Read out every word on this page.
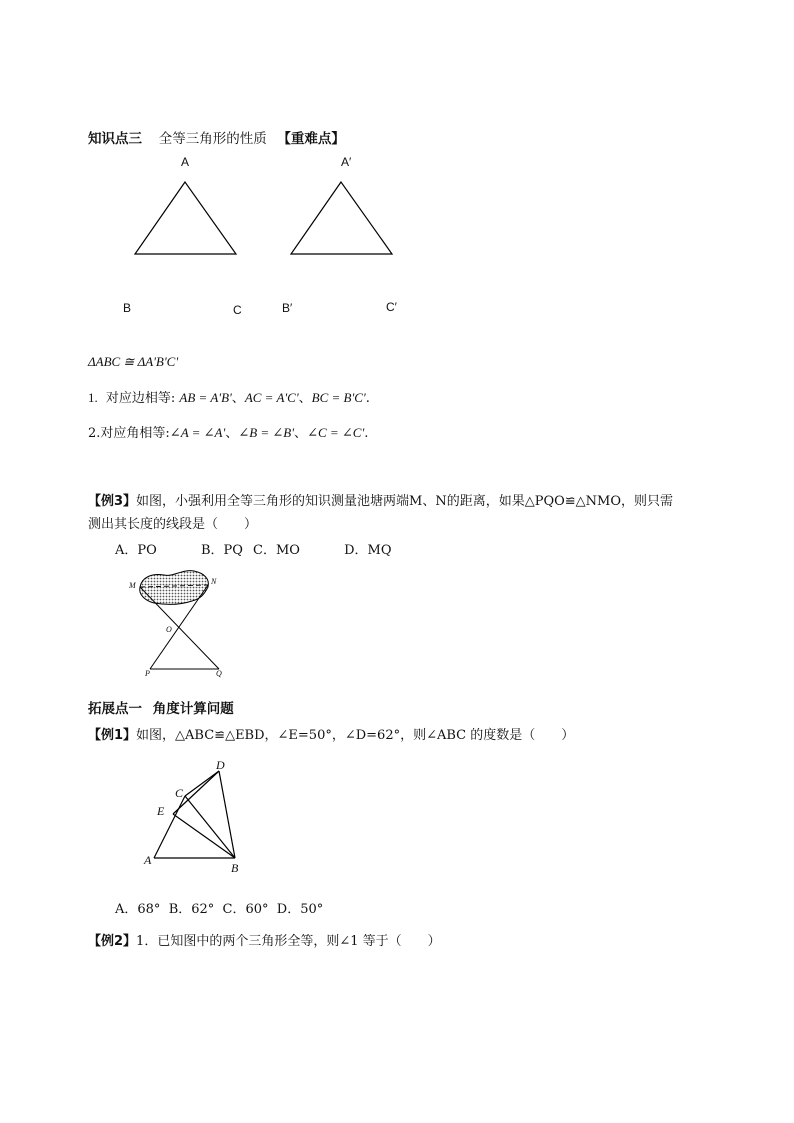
知识点三 全等三角形的性质 【重难点】
A
B	C
A′
B′	C′
ΔABC ≅ ΔA'B'C'
1. 对应边相等: AB = A'B'、AC = A'C'、BC = B'C'.
2.对应角相等:∠A = ∠A'、∠B = ∠B'、∠C = ∠C'.
【例3】如图，小强利用全等三角形的知识测量池塘两端M、N的距离，如果△PQO≌△NMO，则只需
测出其长度的线段是（　　）
A．PO	B．PQ C．MO	D．MQ
M	N
O
P	Q
拓展点一 角度计算问题
【例1】如图，△ABC≌△EBD，∠E=50°，∠D=62°，则∠ABC 的度数是（　　）
D
C
E
A
B
A．68°  B．62°  C．60°  D．50°
【例2】1．已知图中的两个三角形全等，则∠1 等于（　　）
